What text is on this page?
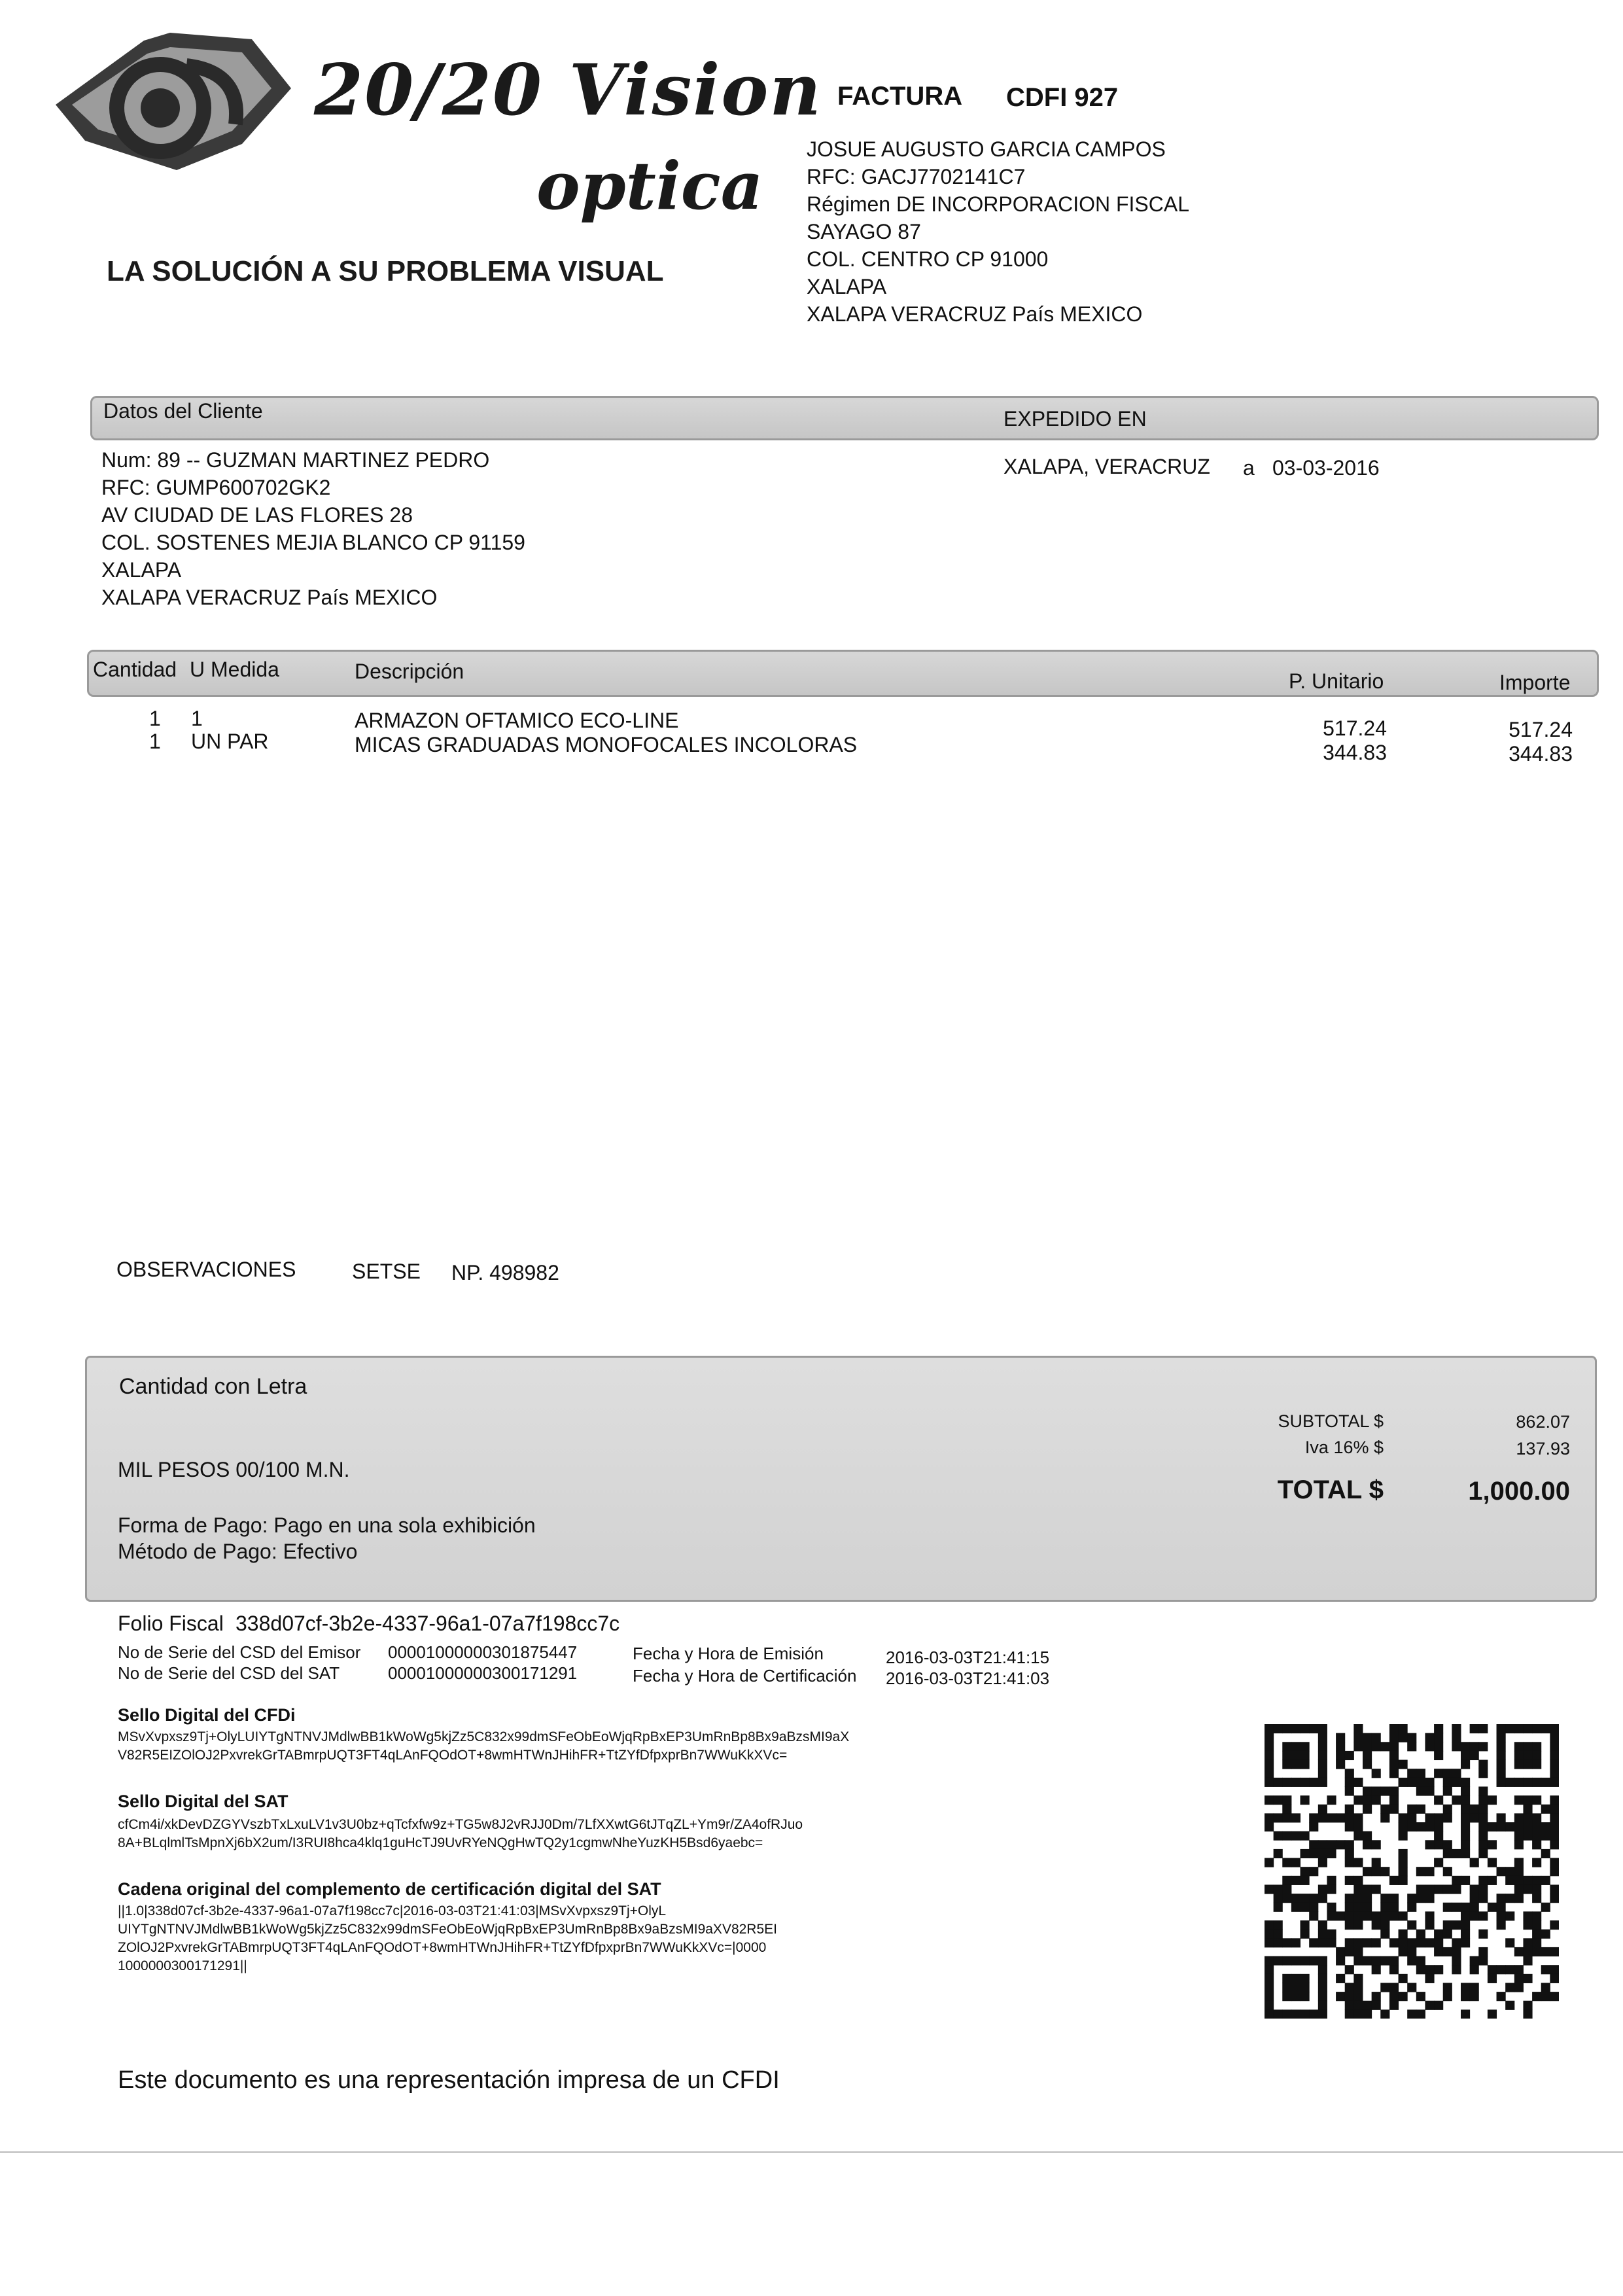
20/20 Vision
optica
LA SOLUCIÓN A SU PROBLEMA VISUAL
FACTURA CDFI 927
JOSUE AUGUSTO GARCIA CAMPOS
RFC: GACJ7702141C7
Régimen DE INCORPORACION FISCAL
SAYAGO 87
COL. CENTRO CP 91000
XALAPA
XALAPA VERACRUZ País MEXICO
Datos del Cliente	EXPEDIDO EN
Num: 89 -- GUZMAN MARTINEZ PEDRO
RFC: GUMP600702GK2
AV CIUDAD DE LAS FLORES 28
COL. SOSTENES MEJIA BLANCO CP 91159
XALAPA
XALAPA VERACRUZ País MEXICO
XALAPA, VERACRUZ a 03-03-2016
Cantidad U Medida	Descripción	P. Unitario	Importe
1 1	ARMAZON OFTAMICO ECO-LINE	517.24	517.24
1 UN PAR	MICAS GRADUADAS MONOFOCALES INCOLORAS	344.83	344.83
OBSERVACIONES	SETSE NP. 498982
Cantidad con Letra
MIL PESOS 00/100 M.N.
Forma de Pago: Pago en una sola exhibición
Método de Pago: Efectivo
SUBTOTAL $	862.07
Iva 16% $	137.93
TOTAL $	1,000.00
Folio Fiscal 338d07cf-3b2e-4337-96a1-07a7f198cc7c
No de Serie del CSD del Emisor 00001000000301875447
No de Serie del CSD del SAT	00001000000300171291
Fecha y Hora de Emisión	2016-03-03T21:41:15
Fecha y Hora de Certificación 2016-03-03T21:41:03
Sello Digital del CFDi
MSvXvpxsz9Tj+OlyLUIYTgNTNVJMdlwBB1kWoWg5kjZz5C832x99dmSFeObEoWjqRpBxEP3UmRnBp8Bx9aBzsMI9aX
V82R5EIZOlOJ2PxvrekGrTABmrpUQT3FT4qLAnFQOdOT+8wmHTWnJHihFR+TtZYfDfpxprBn7WWuKkXVc=
Sello Digital del SAT
cfCm4i/xkDevDZGYVszbTxLxuLV1v3U0bz+qTcfxfw9z+TG5w8J2vRJJ0Dm/7LfXXwtG6tJTqZL+Ym9r/ZA4ofRJuo
8A+BLqlmlTsMpnXj6bX2um/I3RUI8hca4klq1guHcTJ9UvRYeNQgHwTQ2y1cgmwNheYuzKH5Bsd6yaebc=
Cadena original del complemento de certificación digital del SAT
||1.0|338d07cf-3b2e-4337-96a1-07a7f198cc7c|2016-03-03T21:41:03|MSvXvpxsz9Tj+OlyL
UIYTgNTNVJMdlwBB1kWoWg5kjZz5C832x99dmSFeObEoWjqRpBxEP3UmRnBp8Bx9aBzsMI9aXV82R5EI
ZOlOJ2PxvrekGrTABmrpUQT3FT4qLAnFQOdOT+8wmHTWnJHihFR+TtZYfDfpxprBn7WWuKkXVc=|0000
1000000300171291||
Este documento es una representación impresa de un CFDI
